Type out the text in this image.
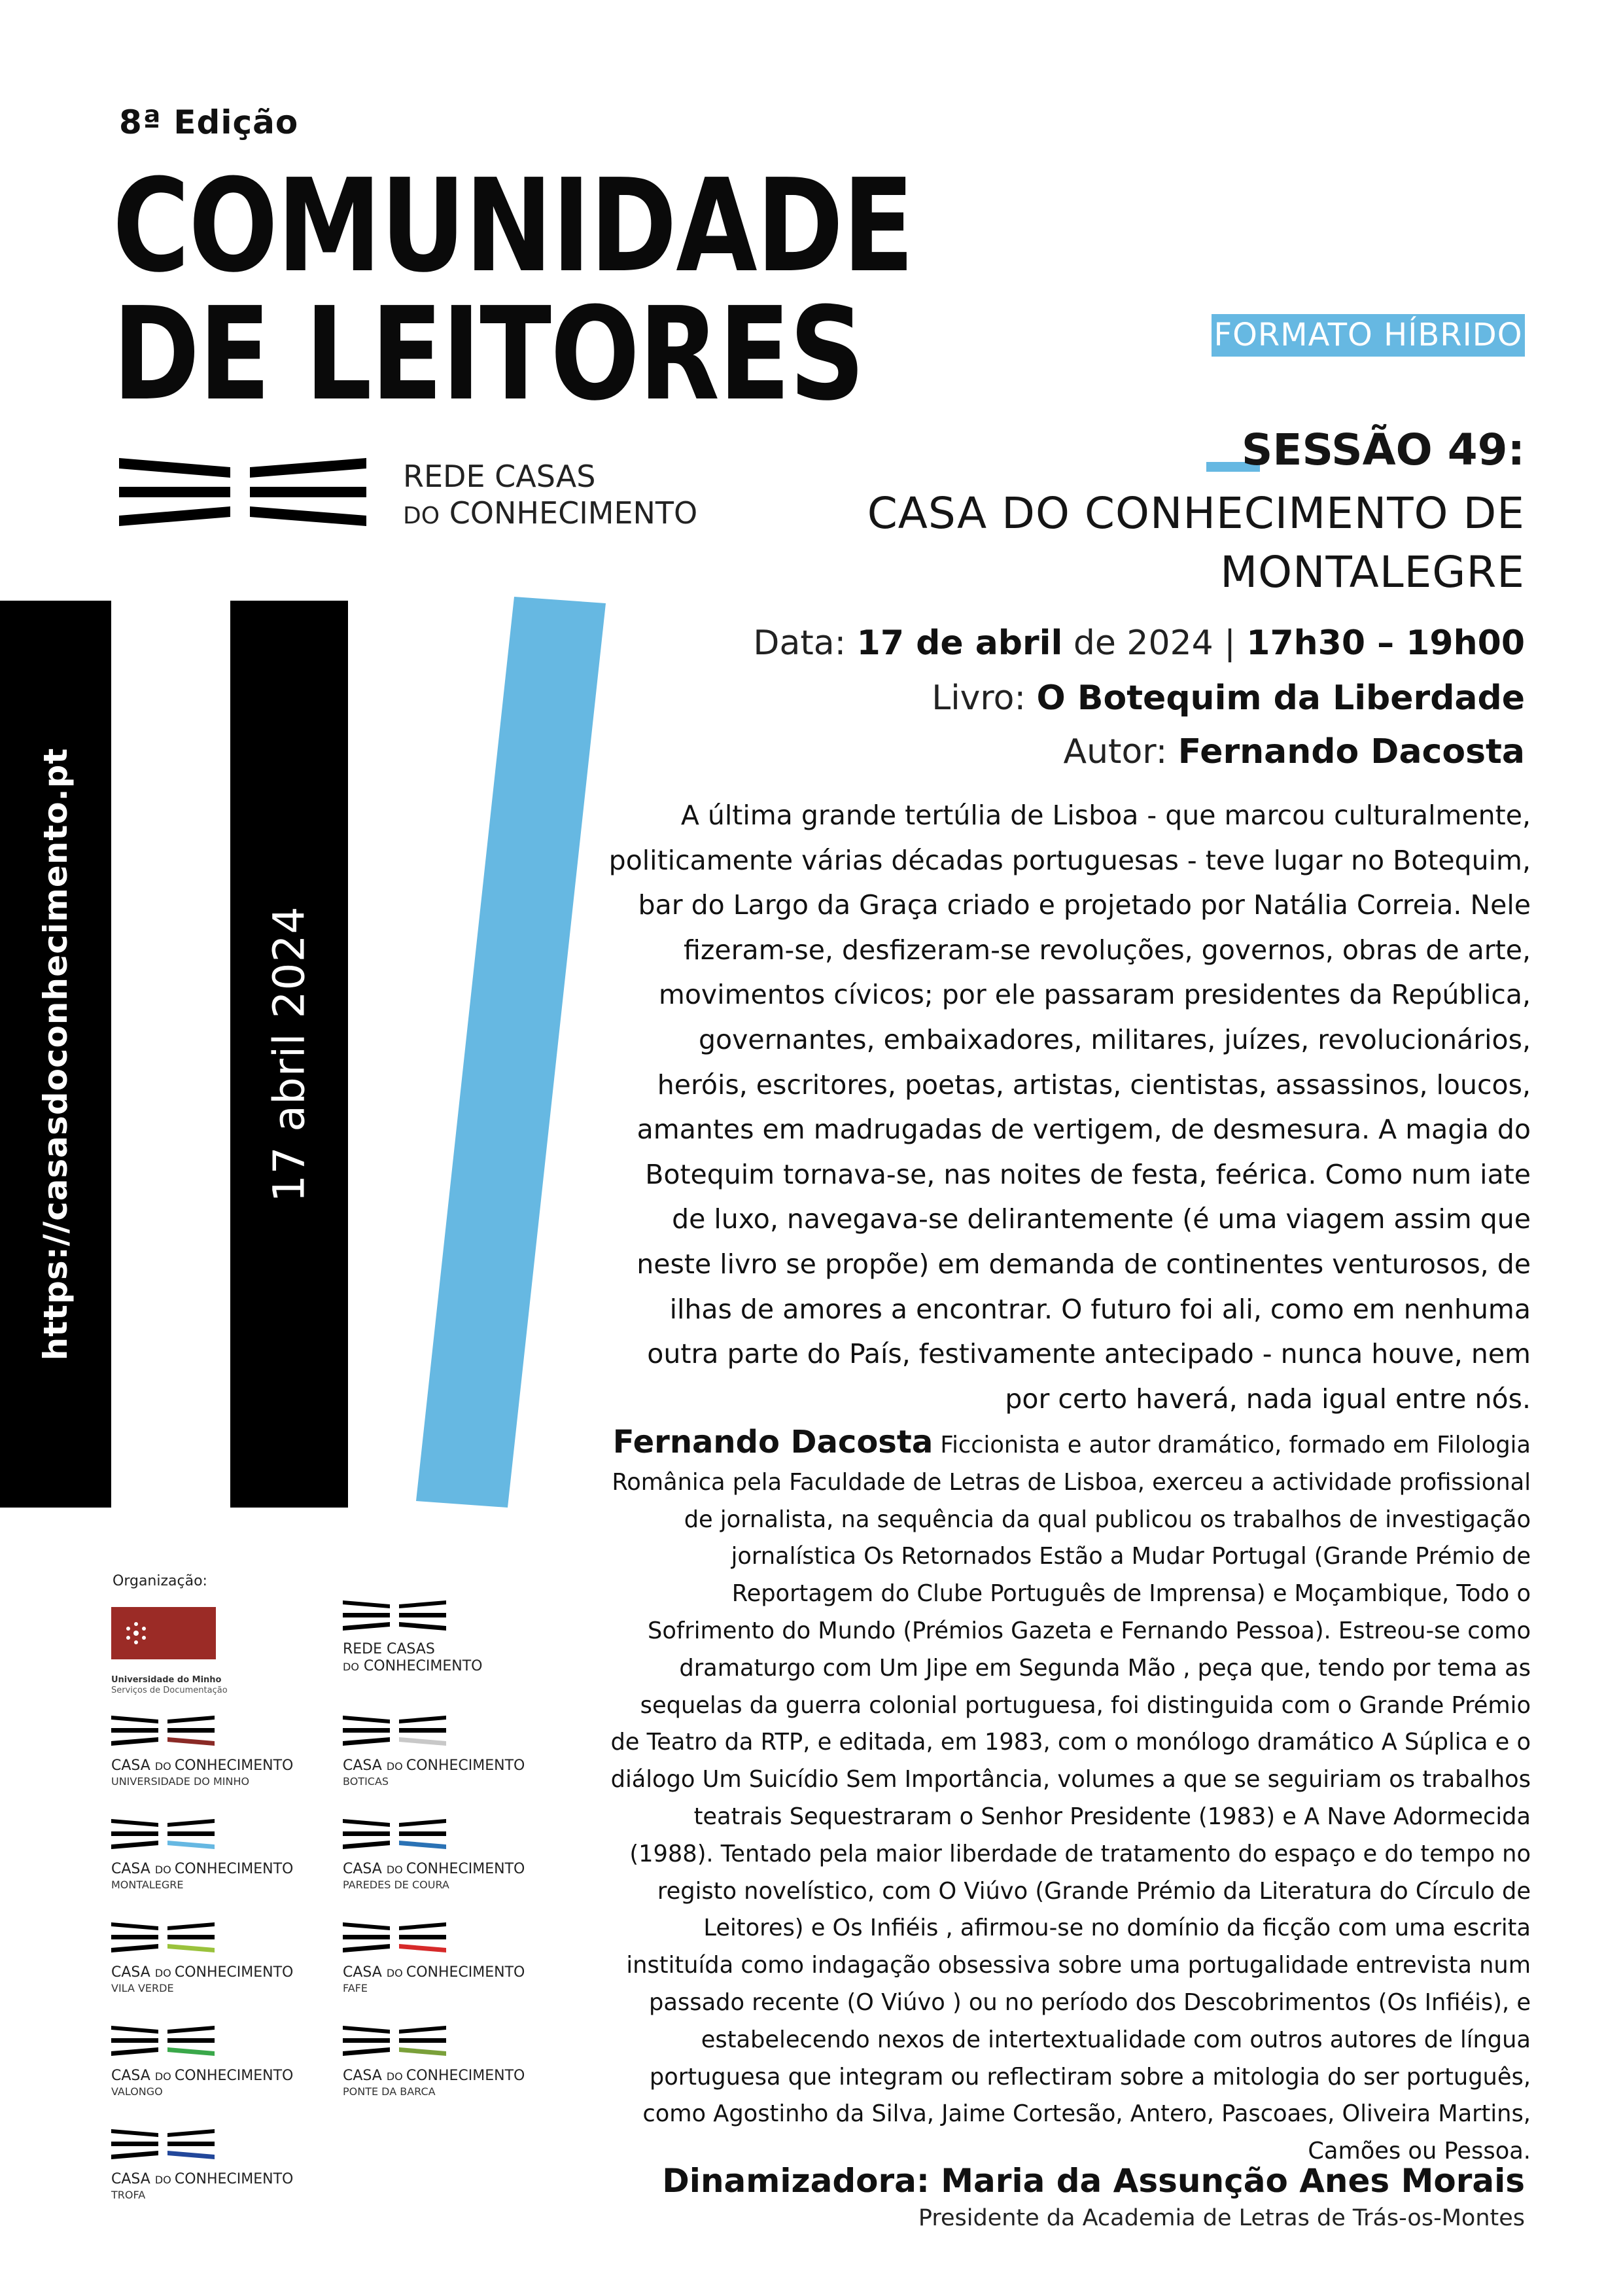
8ª Edição
COMUNIDADE
DE LEITORES	FORMATO HÍBRIDO
REDE CASAS
DO CONHECIMENTO
SESSÃO 49:
CASA DO CONHECIMENTO DE
MONTALEGRE
Data: 17 de abril de 2024 | 17h30 – 19h00
Livro: O Botequim da Liberdade
Autor: Fernando Dacosta
A última grande tertúlia de Lisboa - que marcou culturalmente, politicamente várias décadas portuguesas - teve lugar no Botequim, bar do Largo da Graça criado e projetado por Natália Correia. Nele fizeram-se, desfizeram-se revoluções, governos, obras de arte, movimentos cívicos; por ele passaram presidentes da República, governantes, embaixadores, militares, juízes, revolucionários, heróis, escritores, poetas, artistas, cientistas, assassinos, loucos, amantes em madrugadas de vertigem, de desmesura. A magia do Botequim tornava-se, nas noites de festa, feérica. Como num iate de luxo, navegava-se delirantemente (é uma viagem assim que neste livro se propõe) em demanda de continentes venturosos, de ilhas de amores a encontrar. O futuro foi ali, como em nenhuma outra parte do País, festivamente antecipado - nunca houve, nem por certo haverá, nada igual entre nós.
Fernando Dacosta Ficcionista e autor dramático, formado em Filologia Românica pela Faculdade de Letras de Lisboa, exerceu a actividade profissional de jornalista, na sequência da qual publicou os trabalhos de investigação jornalística Os Retornados Estão a Mudar Portugal (Grande Prémio de Reportagem do Clube Português de Imprensa) e Moçambique, Todo o Sofrimento do Mundo (Prémios Gazeta e Fernando Pessoa). Estreou-se como dramaturgo com Um Jipe em Segunda Mão , peça que, tendo por tema as sequelas da guerra colonial portuguesa, foi distinguida com o Grande Prémio de Teatro da RTP, e editada, em 1983, com o monólogo dramático A Súplica e o diálogo Um Suicídio Sem Importância, volumes a que se seguiriam os trabalhos teatrais Sequestraram o Senhor Presidente (1983) e A Nave Adormecida (1988). Tentado pela maior liberdade de tratamento do espaço e do tempo no registo novelístico, com O Viúvo (Grande Prémio da Literatura do Círculo de Leitores) e Os Infiéis , afirmou-se no domínio da ficção com uma escrita instituída como indagação obsessiva sobre uma portugalidade entrevista num passado recente (O Viúvo ) ou no período dos Descobrimentos (Os Infiéis), e estabelecendo nexos de intertextualidade com outros autores de língua portuguesa que integram ou reflectiram sobre a mitologia do ser português, como Agostinho da Silva, Jaime Cortesão, Antero, Pascoaes, Oliveira Martins, Camões ou Pessoa.
Dinamizadora: Maria da Assunção Anes Morais
Presidente da Academia de Letras de Trás-os-Montes
https://casasdoconhecimento.pt	17 abril 2024
Organização:
Universidade do Minho
Serviços de Documentação
REDE CASAS
DO CONHECIMENTO
CASA DO CONHECIMENTO
UNIVERSIDADE DO MINHO
CASA DO CONHECIMENTO
BOTICAS
CASA DO CONHECIMENTO
MONTALEGRE
CASA DO CONHECIMENTO
PAREDES DE COURA
CASA DO CONHECIMENTO
VILA VERDE
CASA DO CONHECIMENTO
FAFE
CASA DO CONHECIMENTO
VALONGO
CASA DO CONHECIMENTO
PONTE DA BARCA
CASA DO CONHECIMENTO
TROFA
